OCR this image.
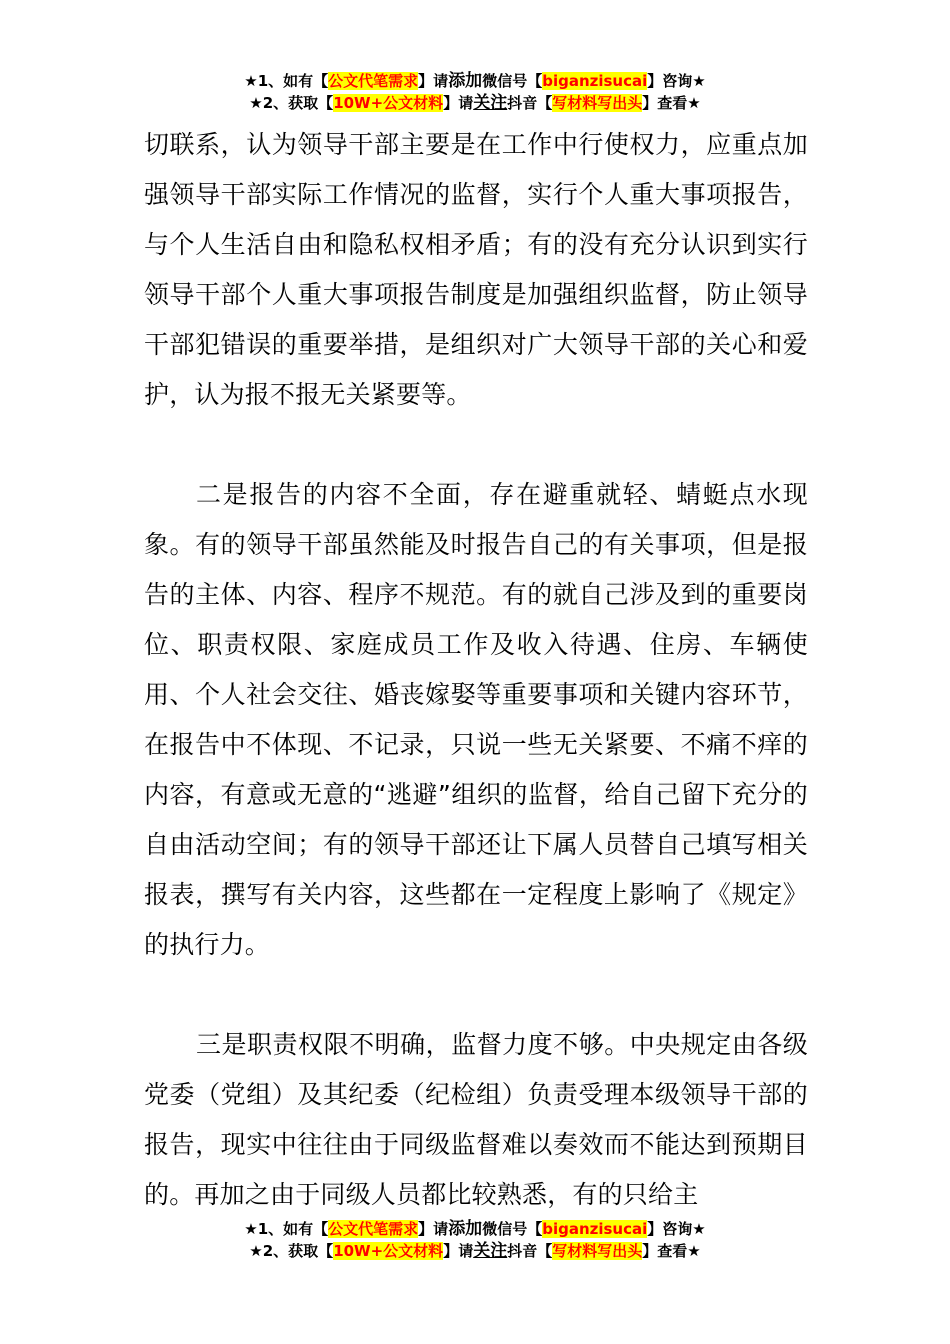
★1、如有【公文代笔需求】请添加微信号【biganzisucai】咨询★
★2、获取【10W+公文材料】请关注抖音【写材料写出头】查看★

切联系，认为领导干部主要是在工作中行使权力，应重点加强领导干部实际工作情况的监督，实行个人重大事项报告，与个人生活自由和隐私权相矛盾；有的没有充分认识到实行领导干部个人重大事项报告制度是加强组织监督，防止领导干部犯错误的重要举措，是组织对广大领导干部的关心和爱护，认为报不报无关紧要等。

二是报告的内容不全面，存在避重就轻、蜻蜓点水现象。有的领导干部虽然能及时报告自己的有关事项，但是报告的主体、内容、程序不规范。有的就自己涉及到的重要岗位、职责权限、家庭成员工作及收入待遇、住房、车辆使用、个人社会交往、婚丧嫁娶等重要事项和关键内容环节，在报告中不体现、不记录，只说一些无关紧要、不痛不痒的内容，有意或无意的“逃避”组织的监督，给自己留下充分的自由活动空间；有的领导干部还让下属人员替自己填写相关报表，撰写有关内容，这些都在一定程度上影响了《规定》的执行力。

三是职责权限不明确，监督力度不够。中央规定由各级党委（党组）及其纪委（纪检组）负责受理本级领导干部的报告，现实中往往由于同级监督难以奏效而不能达到预期目的。再加之由于同级人员都比较熟悉，有的只给主

★1、如有【公文代笔需求】请添加微信号【biganzisucai】咨询★
★2、获取【10W+公文材料】请关注抖音【写材料写出头】查看★
